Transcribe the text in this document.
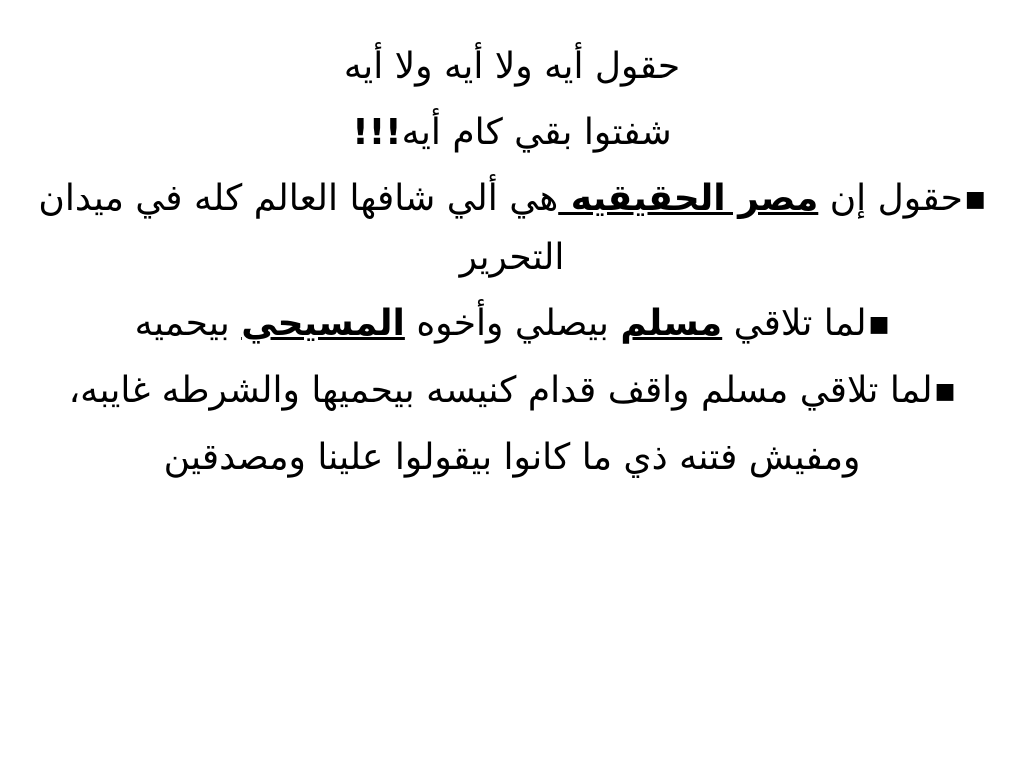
حقول أيه ولا أيه ولا أيه
شفتوا بقي كام أيه!!!
■حقول إن مصر الحقيقيه هي ألي شافها العالم كله في ميدان التحرير
■لما تلاقي مسلم بيصلي وأخوه المسيحي بيحميه
■لما تلاقي مسلم واقف قدام كنيسه بيحميها والشرطه غايبه،
ومفيش فتنه ذي ما كانوا بيقولوا علينا ومصدقين
